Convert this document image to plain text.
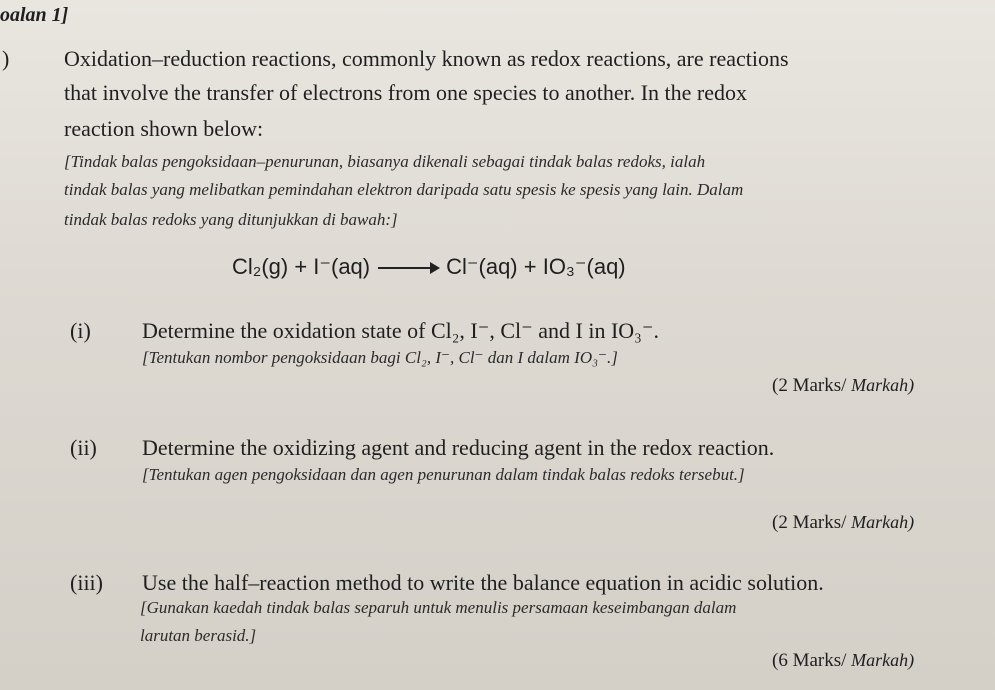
oalan 1]
) Oxidation–reduction reactions, commonly known as redox reactions, are reactions
that involve the transfer of electrons from one species to another. In the redox
reaction shown below:
[Tindak balas pengoksidaan–penurunan, biasanya dikenali sebagai tindak balas redoks, ialah
tindak balas yang melibatkan pemindahan elektron daripada satu spesis ke spesis yang lain. Dalam
tindak balas redoks yang ditunjukkan di bawah:]
Cl₂(g) + I⁻(aq) → Cl⁻(aq) + IO₃⁻(aq)
(i) Determine the oxidation state of Cl₂, I⁻, Cl⁻ and I in IO₃⁻.
[Tentukan nombor pengoksidaan bagi Cl₂, I⁻, Cl⁻ dan I dalam IO₃⁻.]
(2 Marks/ Markah)
(ii) Determine the oxidizing agent and reducing agent in the redox reaction.
[Tentukan agen pengoksidaan dan agen penurunan dalam tindak balas redoks tersebut.]
(2 Marks/ Markah)
(iii) Use the half–reaction method to write the balance equation in acidic solution.
[Gunakan kaedah tindak balas separuh untuk menulis persamaan keseimbangan dalam
larutan berasid.]
(6 Marks/ Markah)
